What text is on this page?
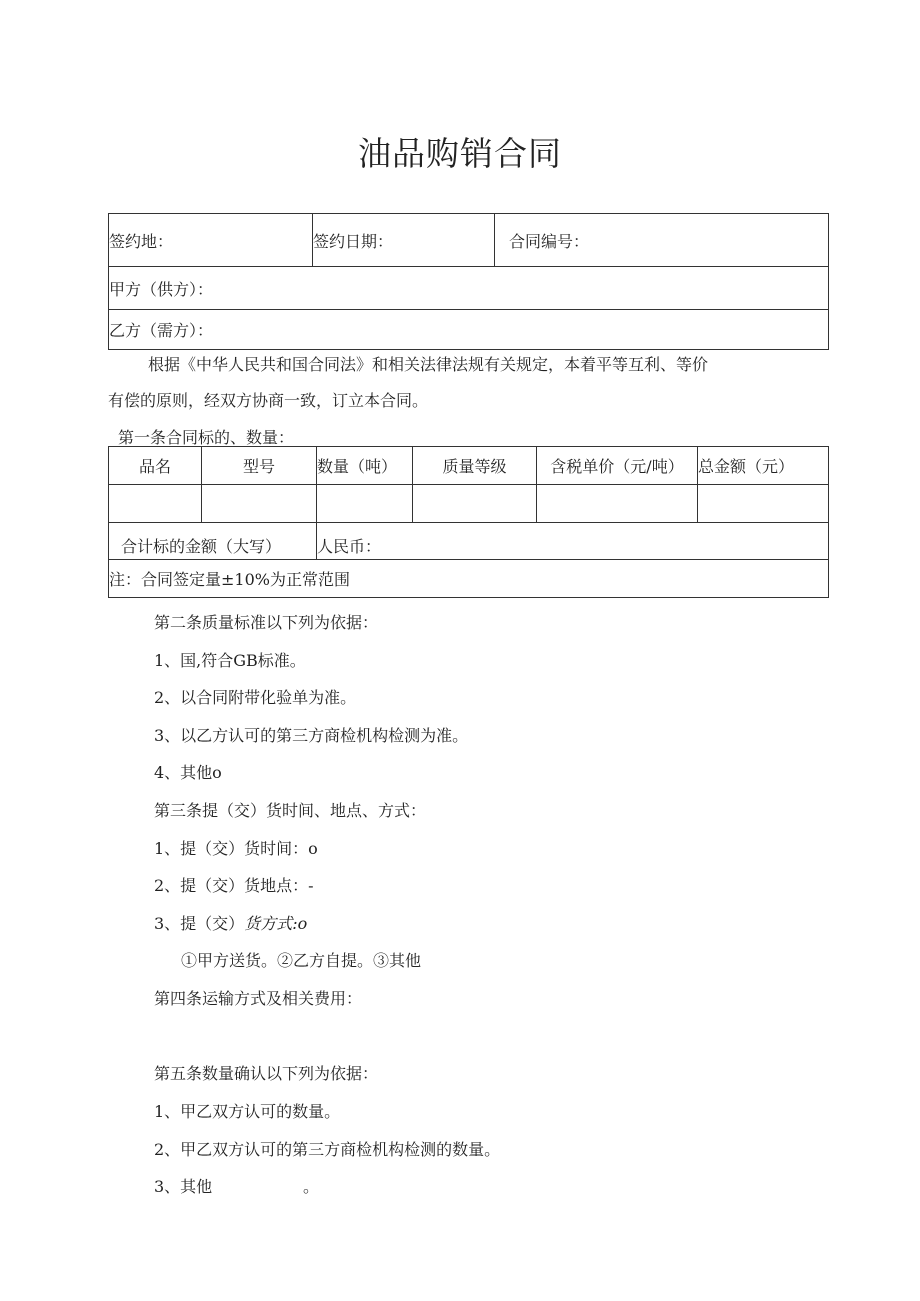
油品购销合同
签约地：	签约日期：	合同编号：
甲方（供方）：
乙方（需方）：
根据《中华人民共和国合同法》和相关法律法规有关规定，本着平等互利、等价
有偿的原则，经双方协商一致，订立本合同。
第一条合同标的、数量：
品名	型号	数量（吨）	质量等级	含税单价（元/吨）	总金额（元）

合计标的金额（大写）		人民币：			
注：合同签定量±10%为正常范围					
第二条质量标准以下列为依据：
1、国,符合GB标准。
2、以合同附带化验单为准。
3、以乙方认可的第三方商检机构检测为准。
4、其他o
第三条提（交）货时间、地点、方式：
1、提（交）货时间：o
2、提（交）货地点：-
3、提（交）货方式:o
①甲方送货。②乙方自提。③其他
第四条运输方式及相关费用：
第五条数量确认以下列为依据：
1、甲乙双方认可的数量。
2、甲乙双方认可的第三方商检机构检测的数量。
3、其他	。
